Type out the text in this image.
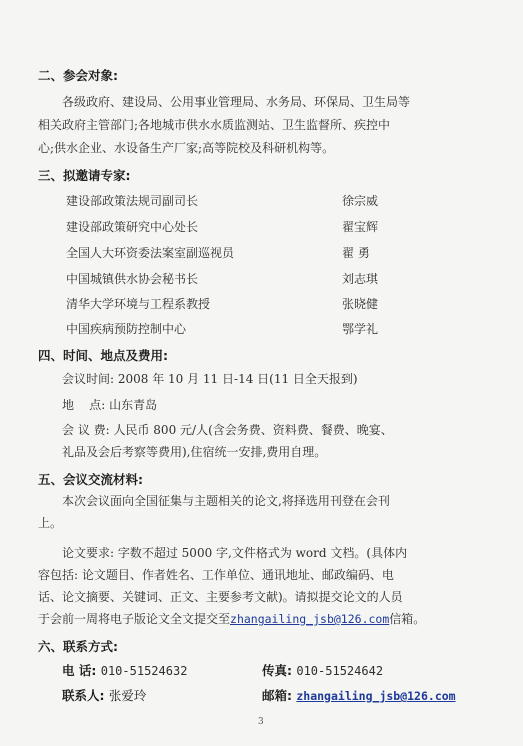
二、参会对象:
各级政府、建设局、公用事业管理局、水务局、环保局、卫生局等
相关政府主管部门;各地城市供水水质监测站、卫生监督所、疾控中
心;供水企业、水设备生产厂家;高等院校及科研机构等。
三、拟邀请专家:
建设部政策法规司副司长	徐宗威
建设部政策研究中心处长	翟宝辉
全国人大环资委法案室副巡视员	翟 勇
中国城镇供水协会秘书长	刘志琪
清华大学环境与工程系教授	张晓健
中国疾病预防控制中心	鄂学礼
四、时间、地点及费用:
会议时间: 2008 年 10 月 11 日-14 日(11 日全天报到)
地    点: 山东青岛
会 议 费: 人民币 800 元/人(含会务费、资料费、餐费、晚宴、
礼品及会后考察等费用),住宿统一安排,费用自理。
五、会议交流材料:
本次会议面向全国征集与主题相关的论文,将择选用刊登在会刊
上。
论文要求: 字数不超过 5000 字,文件格式为 word 文档。(具体内
容包括: 论文题目、作者姓名、工作单位、通讯地址、邮政编码、电
话、论文摘要、关键词、正文、主要参考文献)。请拟提交论文的人员
于会前一周将电子版论文全文提交至zhangailing_jsb@126.com信箱。
六、联系方式:
电 话: 010-51524632	传真: 010-51524642
联系人: 张爱玲	邮箱: zhangailing_jsb@126.com
3
